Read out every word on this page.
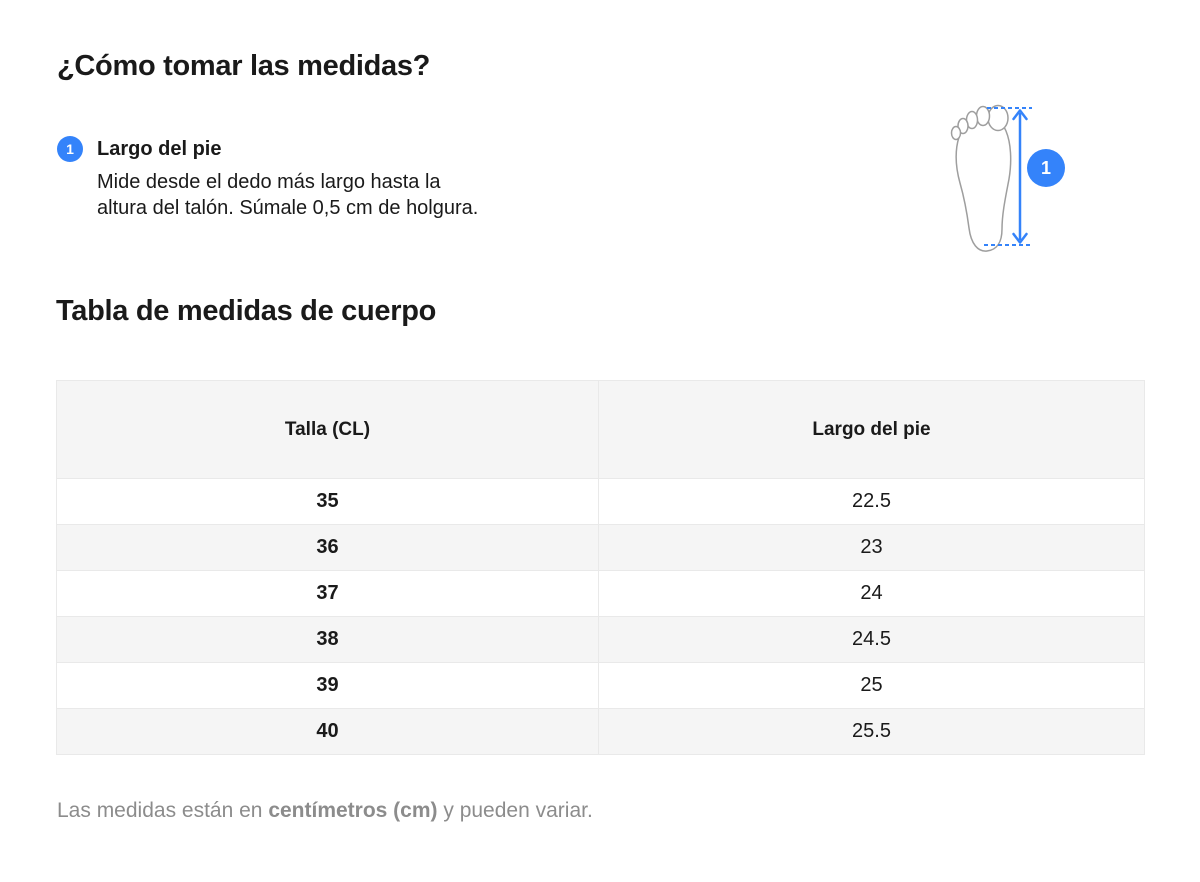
¿Cómo tomar las medidas?
1	Largo del pie
Mide desde el dedo más largo hasta la
altura del talón. Súmale 0,5 cm de holgura.
1
Tabla de medidas de cuerpo
Talla (CL)	Largo del pie
35	22.5
36	23
37	24
38	24.5
39	25
40	25.5

Las medidas están en centímetros (cm) y pueden variar.
